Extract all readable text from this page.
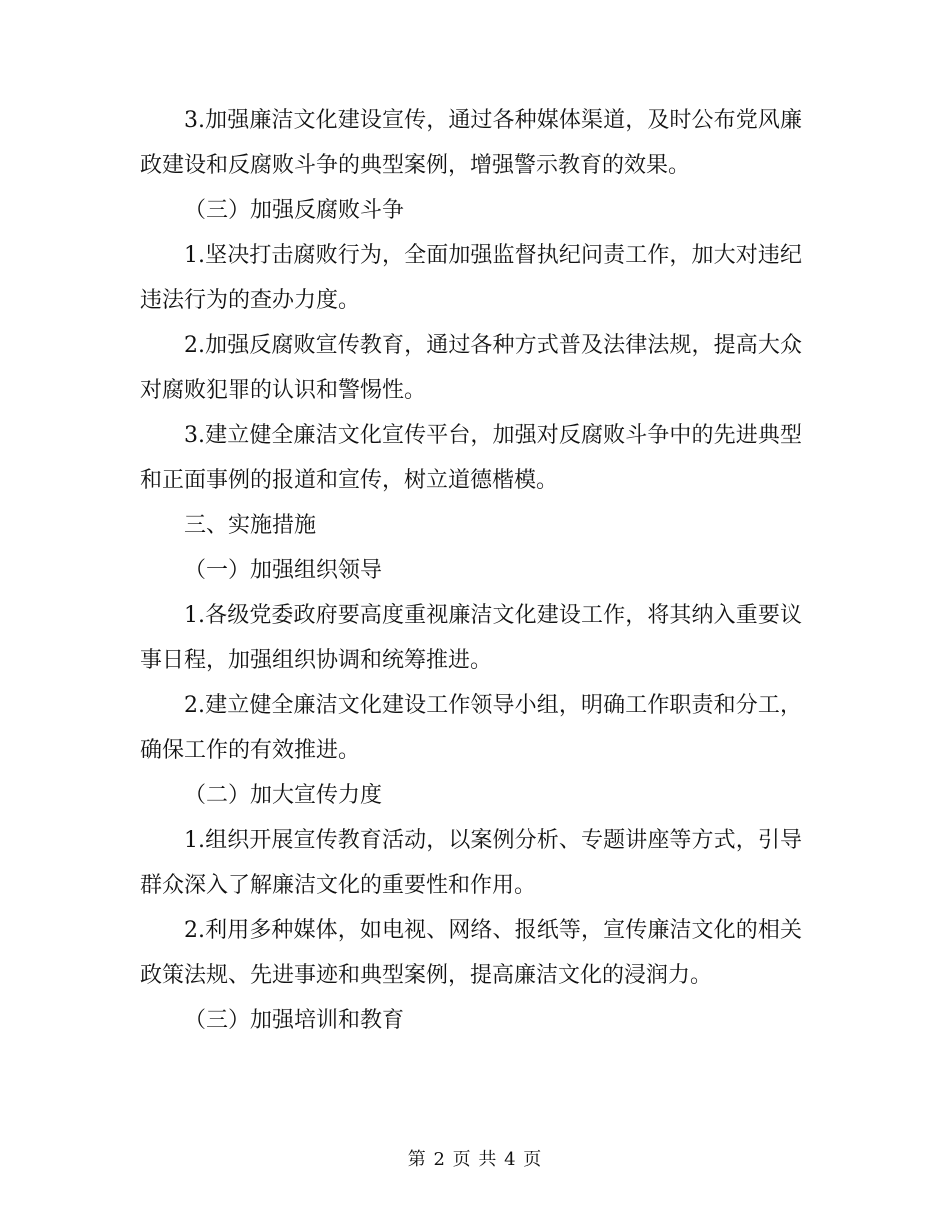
3.加强廉洁文化建设宣传，通过各种媒体渠道，及时公布党风廉政建设和反腐败斗争的典型案例，增强警示教育的效果。

（三）加强反腐败斗争

1.坚决打击腐败行为，全面加强监督执纪问责工作，加大对违纪违法行为的查办力度。

2.加强反腐败宣传教育，通过各种方式普及法律法规，提高大众对腐败犯罪的认识和警惕性。

3.建立健全廉洁文化宣传平台，加强对反腐败斗争中的先进典型和正面事例的报道和宣传，树立道德楷模。

三、实施措施

（一）加强组织领导

1.各级党委政府要高度重视廉洁文化建设工作，将其纳入重要议事日程，加强组织协调和统筹推进。

2.建立健全廉洁文化建设工作领导小组，明确工作职责和分工，确保工作的有效推进。

（二）加大宣传力度

1.组织开展宣传教育活动，以案例分析、专题讲座等方式，引导群众深入了解廉洁文化的重要性和作用。

2.利用多种媒体，如电视、网络、报纸等，宣传廉洁文化的相关政策法规、先进事迹和典型案例，提高廉洁文化的浸润力。

（三）加强培训和教育

第 2 页 共 4 页
